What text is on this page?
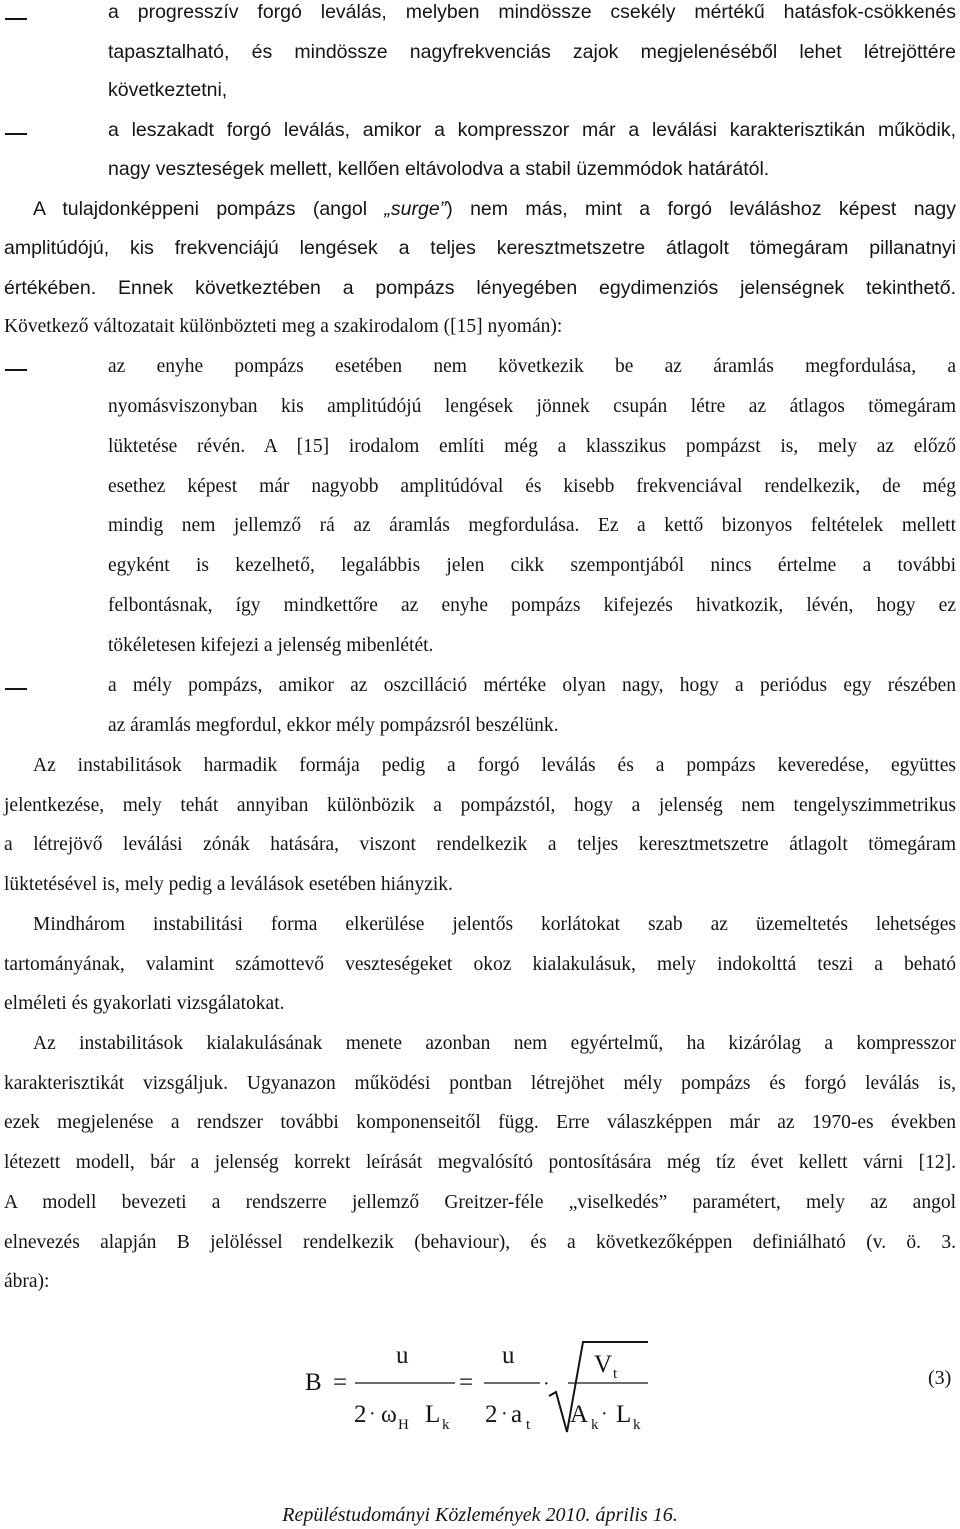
a progresszív forgó leválás, melyben mindössze csekély mértékű hatásfok-csökkenés
tapasztalható, és mindössze nagyfrekvenciás zajok megjelenéséből lehet létrejöttére
következtetni,
a leszakadt forgó leválás, amikor a kompresszor már a leválási karakterisztikán működik,
nagy veszteségek mellett, kellően eltávolodva a stabil üzemmódok határától.
A tulajdonképpeni pompázs (angol „surge”) nem más, mint a forgó leváláshoz képest nagy
amplitúdójú, kis frekvenciájú lengések a teljes keresztmetszetre átlagolt tömegáram pillanatnyi
értékében. Ennek következtében a pompázs lényegében egydimenziós jelenségnek tekinthető.
Következő változatait különbözteti meg a szakirodalom ([15] nyomán):
az enyhe pompázs esetében nem következik be az áramlás megfordulása, a
nyomásviszonyban kis amplitúdójú lengések jönnek csupán létre az átlagos tömegáram
lüktetése révén. A [15] irodalom említi még a klasszikus pompázst is, mely az előző
esethez képest már nagyobb amplitúdóval és kisebb frekvenciával rendelkezik, de még
mindig nem jellemző rá az áramlás megfordulása. Ez a kettő bizonyos feltételek mellett
egyként is kezelhető, legalábbis jelen cikk szempontjából nincs értelme a további
felbontásnak, így mindkettőre az enyhe pompázs kifejezés hivatkozik, lévén, hogy ez
tökéletesen kifejezi a jelenség mibenlétét.
a mély pompázs, amikor az oszcilláció mértéke olyan nagy, hogy a periódus egy részében
az áramlás megfordul, ekkor mély pompázsról beszélünk.
Az instabilitások harmadik formája pedig a forgó leválás és a pompázs keveredése, együttes
jelentkezése, mely tehát annyiban különbözik a pompázstól, hogy a jelenség nem tengelyszimmetrikus
a létrejövő leválási zónák hatására, viszont rendelkezik a teljes keresztmetszetre átlagolt tömegáram
lüktetésével is, mely pedig a leválások esetében hiányzik.
Mindhárom instabilitási forma elkerülése jelentős korlátokat szab az üzemeltetés lehetséges
tartományának, valamint számottevő veszteségeket okoz kialakulásuk, mely indokolttá teszi a beható
elméleti és gyakorlati vizsgálatokat.
Az instabilitások kialakulásának menete azonban nem egyértelmű, ha kizárólag a kompresszor
karakterisztikát vizsgáljuk. Ugyanazon működési pontban létrejöhet mély pompázs és forgó leválás is,
ezek megjelenése a rendszer további komponenseitől függ. Erre válaszképpen már az 1970-es években
létezett modell, bár a jelenség korrekt leírását megvalósító pontosítására még tíz évet kellett várni [12].
A modell bevezeti a rendszerre jellemző Greitzer-féle „viselkedés” paramétert, mely az angol
elnevezés alapján B jelöléssel rendelkezik (behaviour), és a következőképpen definiálható (v. ö. 3.
ábra):
B =
u
2 · ω H L k
=
u
2 · a t
·
V t
A k · L k
(3)
Repüléstudományi Közlemények 2010. április 16.
